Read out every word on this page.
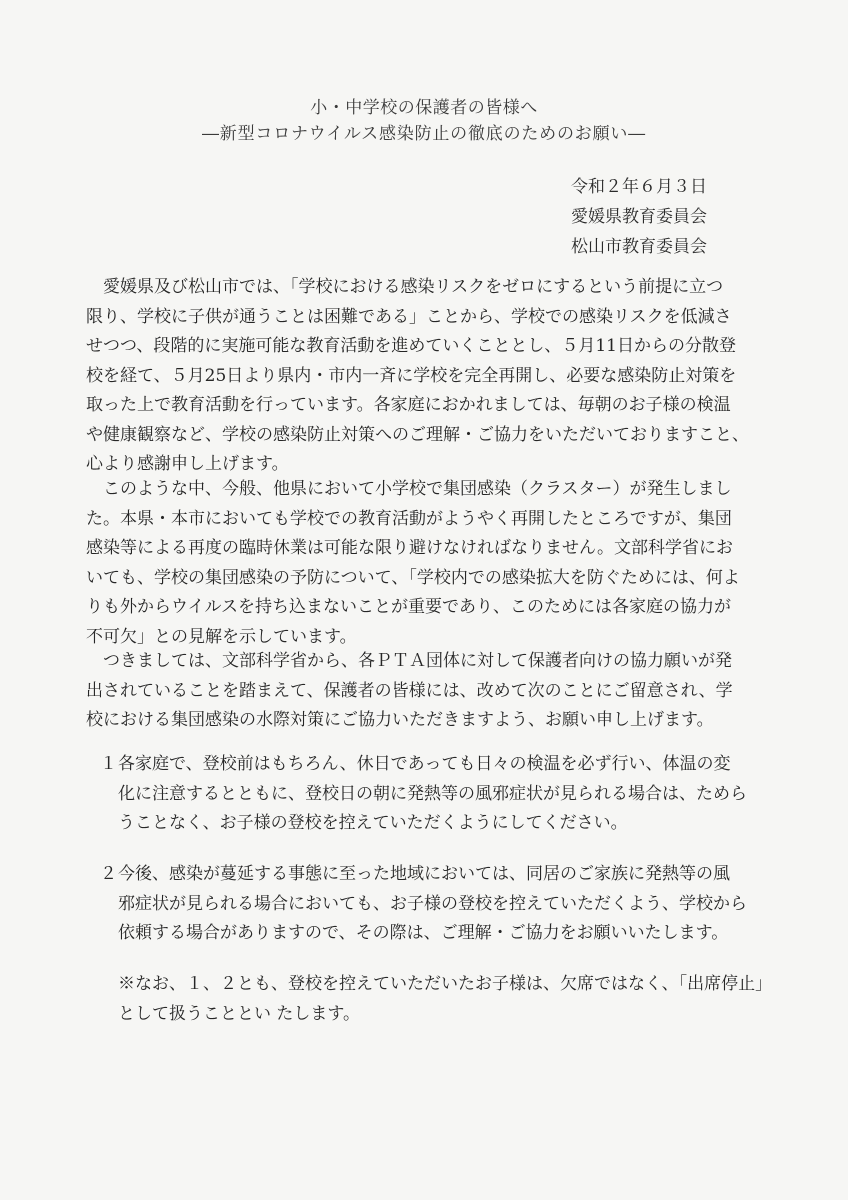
小・中学校の保護者の皆様へ
―新型コロナウイルス感染防止の徹底のためのお願い―
令和２年６月３日
愛媛県教育委員会
松山市教育委員会
　愛媛県及び松山市では、「学校における感染リスクをゼロにするという前提に立つ
限り、学校に子供が通うことは困難である」ことから、学校での感染リスクを低減さ
せつつ、段階的に実施可能な教育活動を進めていくこととし、５月11日からの分散登
校を経て、５月25日より県内・市内一斉に学校を完全再開し、必要な感染防止対策を
取った上で教育活動を行っています。各家庭におかれましては、毎朝のお子様の検温
や健康観察など、学校の感染防止対策へのご理解・ご協力をいただいておりますこと、
心より感謝申し上げます。
　このような中、今般、他県において小学校で集団感染（クラスター）が発生しまし
た。本県・本市においても学校での教育活動がようやく再開したところですが、集団
感染等による再度の臨時休業は可能な限り避けなければなりません。文部科学省にお
いても、学校の集団感染の予防について、「学校内での感染拡大を防ぐためには、何よ
りも外からウイルスを持ち込まないことが重要であり、このためには各家庭の協力が
不可欠」との見解を示しています。
　つきましては、文部科学省から、各ＰＴＡ団体に対して保護者向けの協力願いが発
出されていることを踏まえて、保護者の皆様には、改めて次のことにご留意され、学
校における集団感染の水際対策にご協力いただきますよう、お願い申し上げます。
１ 各家庭で、登校前はもちろん、休日であっても日々の検温を必ず行い、体温の変
化に注意するとともに、登校日の朝に発熱等の風邪症状が見られる場合は、ためら
うことなく、お子様の登校を控えていただくようにしてください。
２ 今後、感染が蔓延する事態に至った地域においては、同居のご家族に発熱等の風
邪症状が見られる場合においても、お子様の登校を控えていただくよう、学校から
依頼する場合がありますので、その際は、ご理解・ご協力をお願いいたします。
※なお、１、２とも、登校を控えていただいたお子様は、欠席ではなく、「出席停止」
として扱うこととい たします。
